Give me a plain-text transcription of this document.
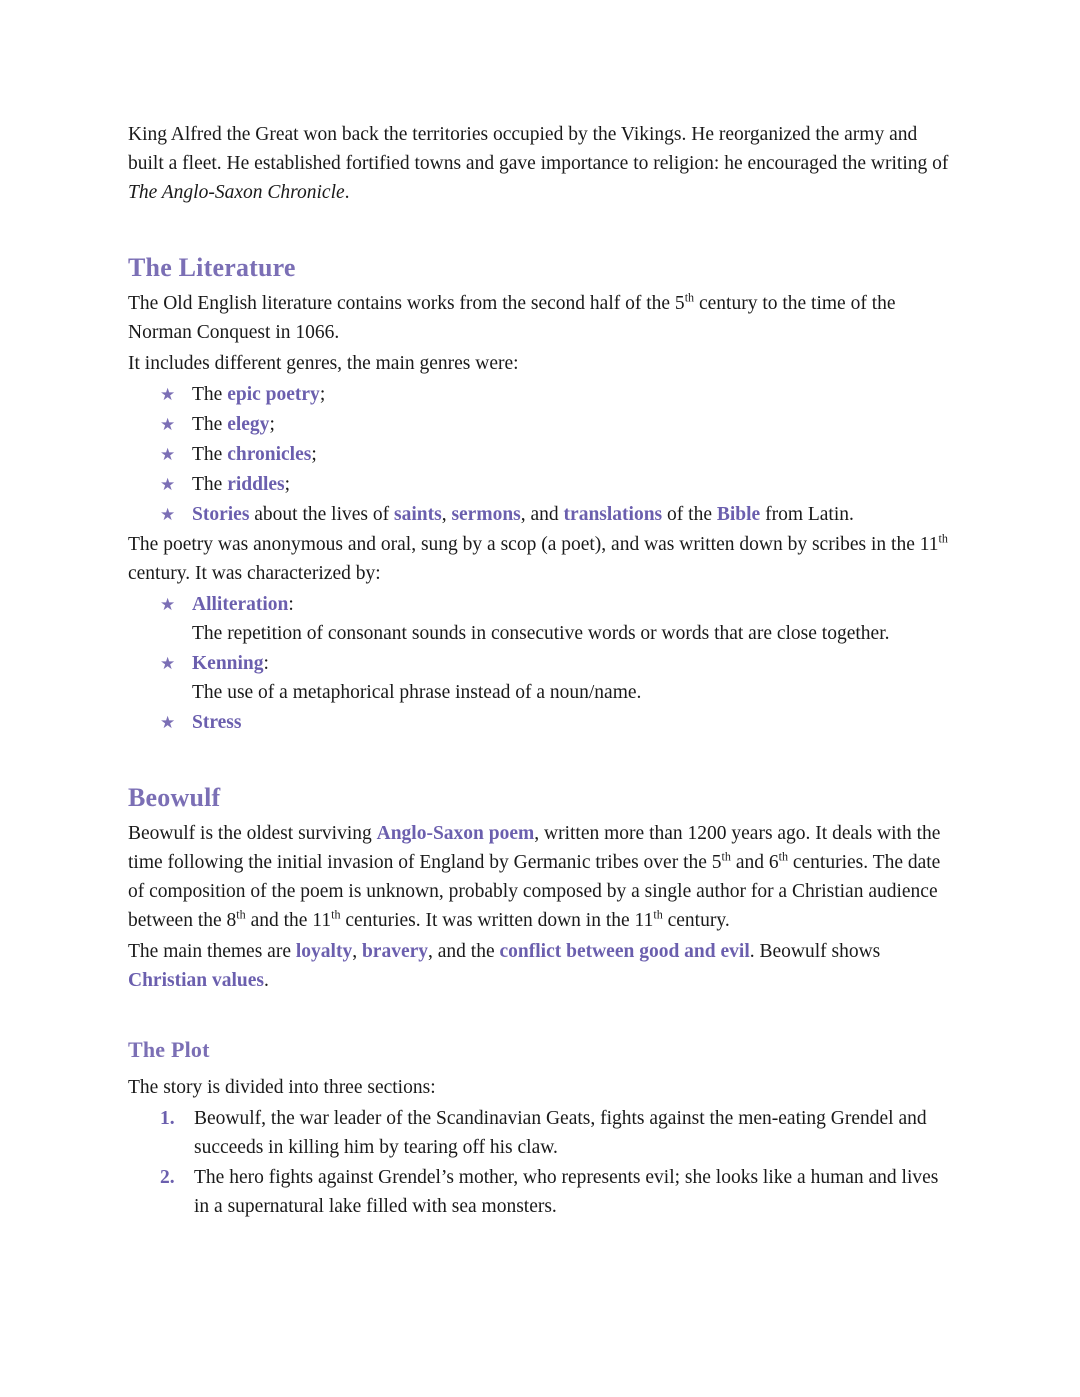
King Alfred the Great won back the territories occupied by the Vikings. He reorganized the army and built a fleet. He established fortified towns and gave importance to religion: he encouraged the writing of The Anglo-Saxon Chronicle.

The Literature

The Old English literature contains works from the second half of the 5th century to the time of the Norman Conquest in 1066.

It includes different genres, the main genres were:

★ The epic poetry;
★ The elegy;
★ The chronicles;
★ The riddles;
★ Stories about the lives of saints, sermons, and translations of the Bible from Latin.

The poetry was anonymous and oral, sung by a scop (a poet), and was written down by scribes in the 11th century. It was characterized by:

★ Alliteration:
The repetition of consonant sounds in consecutive words or words that are close together.
★ Kenning:
The use of a metaphorical phrase instead of a noun/name.
★ Stress
Beowulf

Beowulf is the oldest surviving Anglo-Saxon poem, written more than 1200 years ago. It deals with the time following the initial invasion of England by Germanic tribes over the 5th and 6th centuries. The date of composition of the poem is unknown, probably composed by a single author for a Christian audience between the 8th and the 11th centuries. It was written down in the 11th century.

The main themes are loyalty, bravery, and the conflict between good and evil. Beowulf shows Christian values.

The Plot

The story is divided into three sections:

1. Beowulf, the war leader of the Scandinavian Geats, fights against the men-eating Grendel and succeeds in killing him by tearing off his claw.
2. The hero fights against Grendel’s mother, who represents evil; she looks like a human and lives in a supernatural lake filled with sea monsters.
